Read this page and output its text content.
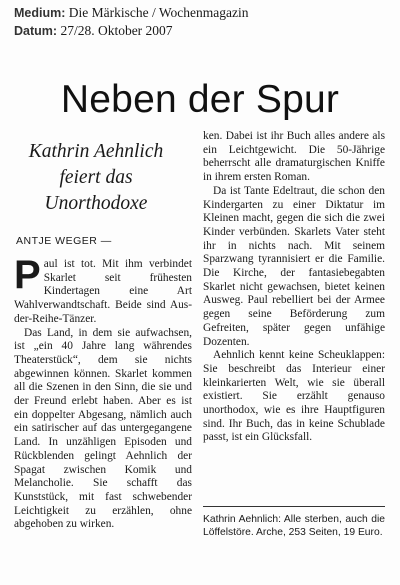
Medium: Die Märkische / Wochenmagazin
Datum: 27/28. Oktober 2007
Neben der Spur
Kathrin Aehnlich feiert das Unorthodoxe
ANTJE WEGER —

Paul ist tot. Mit ihm verbindet Skarlet seit frühesten Kindertagen eine Art Wahlverwandtschaft. Beide sind Aus-der-Reihe-Tänzer.

Das Land, in dem sie aufwachsen, ist „ein 40 Jahre lang währendes Theaterstück“, dem sie nichts abgewinnen können. Skarlet kommen all die Szenen in den Sinn, die sie und der Freund erlebt haben. Aber es ist ein doppelter Abgesang, nämlich auch ein satirischer auf das untergegangene Land. In unzähligen Episoden und Rückblenden gelingt Aehnlich der Spagat zwischen Komik und Melancholie. Sie schafft das Kunststück, mit fast schwebender Leichtigkeit zu erzählen, ohne abgehoben zu wirken.

ken. Dabei ist ihr Buch alles andere als ein Leichtgewicht. Die 50-Jährige beherrscht alle dramaturgischen Kniffe in ihrem ersten Roman.

Da ist Tante Edeltraut, die schon den Kindergarten zu einer Diktatur im Kleinen macht, gegen die sich die zwei Kinder verbünden. Skarlets Vater steht ihr in nichts nach. Mit seinem Sparzwang tyrannisiert er die Familie. Die Kirche, der fantasiebegabten Skarlet nicht gewachsen, bietet keinen Ausweg. Paul rebelliert bei der Armee gegen seine Beförderung zum Gefreiten, später gegen unfähige Dozenten.

Aehnlich kennt keine Scheuklappen: Sie beschreibt das Interieur einer kleinkarierten Welt, wie sie überall existiert. Sie erzählt genauso unorthodox, wie es ihre Hauptfiguren sind. Ihr Buch, das in keine Schublade passt, ist ein Glücksfall.

Kathrin Aehnlich: Alle sterben, auch die Löffelstöre. Arche, 253 Seiten, 19 Euro.
